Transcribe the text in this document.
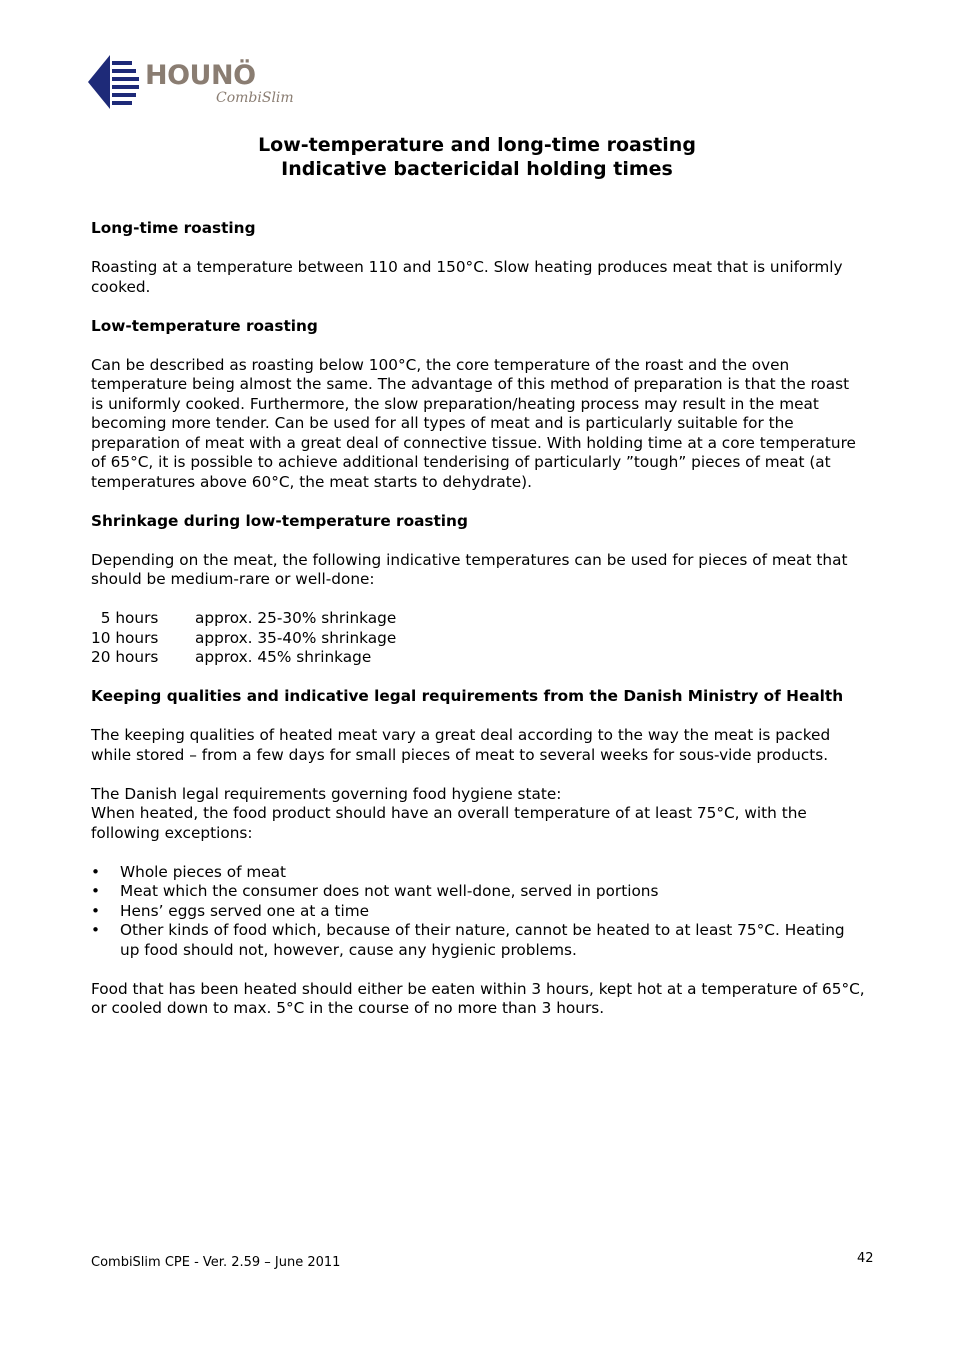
HOUNÖ
CombiSlim
Low-temperature and long-time roasting
Indicative bactericidal holding times
Long-time roasting
Roasting at a temperature between 110 and 150°C. Slow heating produces meat that is uniformly cooked.
Low-temperature roasting
Can be described as roasting below 100°C, the core temperature of the roast and the oven temperature being almost the same. The advantage of this method of preparation is that the roast is uniformly cooked. Furthermore, the slow preparation/heating process may result in the meat becoming more tender. Can be used for all types of meat and is particularly suitable for the preparation of meat with a great deal of connective tissue. With holding time at a core temperature of 65°C, it is possible to achieve additional tenderising of particularly ”tough” pieces of meat (at temperatures above 60°C, the meat starts to dehydrate).
Shrinkage during low-temperature roasting
Depending on the meat, the following indicative temperatures can be used for pieces of meat that should be medium-rare or well-done:
5 hours	approx. 25-30% shrinkage
10 hours	approx. 35-40% shrinkage
20 hours	approx. 45% shrinkage
Keeping qualities and indicative legal requirements from the Danish Ministry of Health
The keeping qualities of heated meat vary a great deal according to the way the meat is packed while stored – from a few days for small pieces of meat to several weeks for sous-vide products.
The Danish legal requirements governing food hygiene state:
When heated, the food product should have an overall temperature of at least 75°C, with the following exceptions:
• Whole pieces of meat
• Meat which the consumer does not want well-done, served in portions
• Hens’ eggs served one at a time
• Other kinds of food which, because of their nature, cannot be heated to at least 75°C. Heating up food should not, however, cause any hygienic problems.
Food that has been heated should either be eaten within 3 hours, kept hot at a temperature of 65°C, or cooled down to max. 5°C in the course of no more than 3 hours.
CombiSlim CPE - Ver. 2.59 – June 2011	42
